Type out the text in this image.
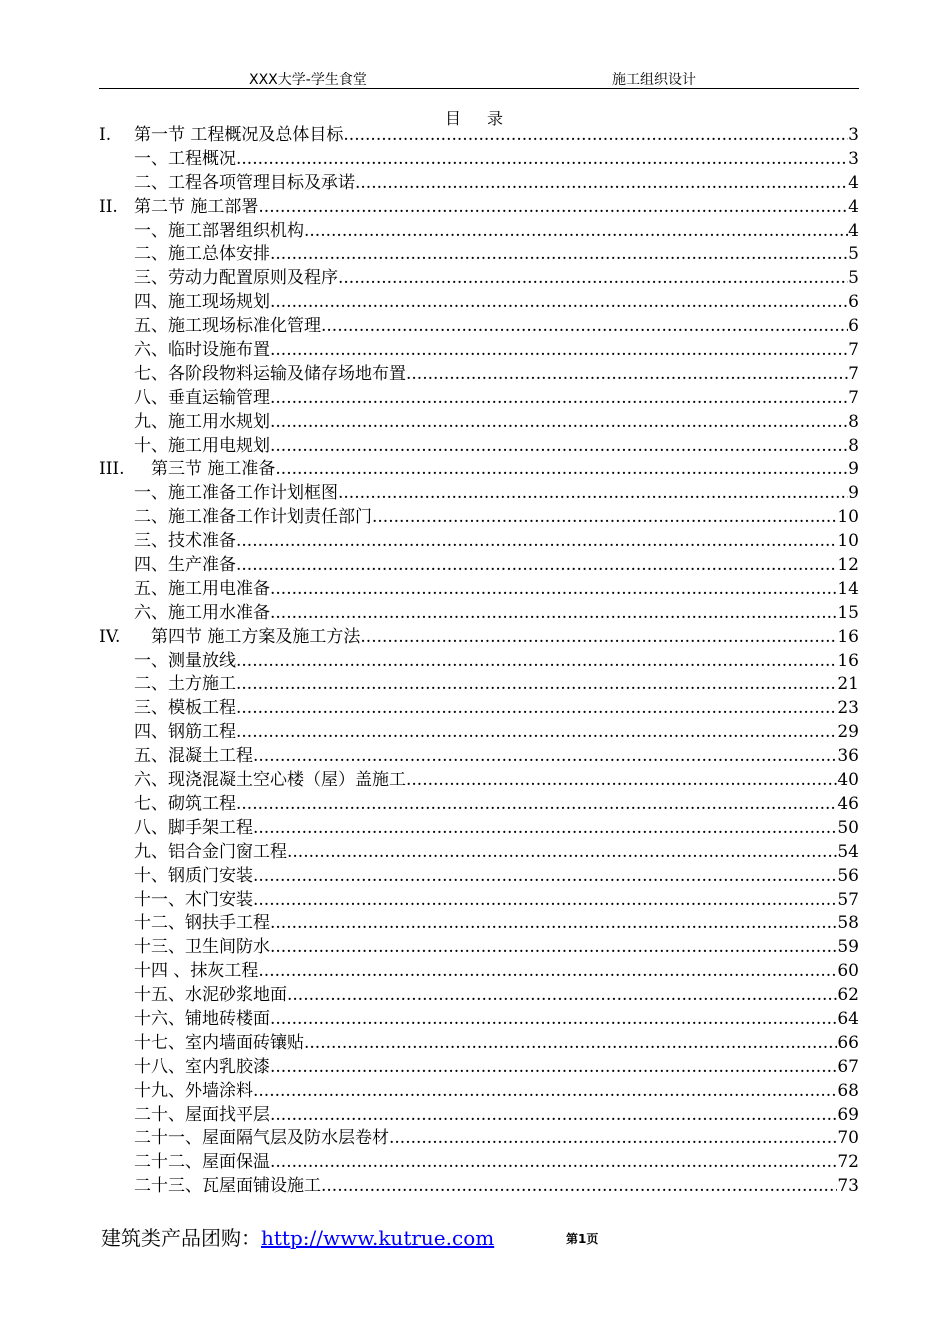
XXX大学-学生食堂	施工组织设计
目 录
I. 第一节 工程概况及总体目标 .....	3
一、工程概况 .....	3
二、工程各项管理目标及承诺 .....	4
II. 第二节 施工部署 .....	4
一、施工部署组织机构 .....	4
二、施工总体安排 .....	5
三、劳动力配置原则及程序 .....	5
四、施工现场规划 .....	6
五、施工现场标准化管理 .....	6
六、临时设施布置 .....	7
七、各阶段物料运输及储存场地布置 .....	7
八、垂直运输管理 .....	7
九、施工用水规划 .....	8
十、施工用电规划 .....	8
III. 第三节 施工准备 .....	9
一、施工准备工作计划框图 .....	9
二、施工准备工作计划责任部门 .....	10
三、技术准备 .....	10
四、生产准备 .....	12
五、施工用电准备 .....	14
六、施工用水准备 .....	15
IV. 第四节 施工方案及施工方法 .....	16
一、测量放线 .....	16
二、土方施工 .....	21
三、模板工程 .....	23
四、钢筋工程 .....	29
五、混凝土工程 .....	36
六、现浇混凝土空心楼（屋）盖施工 .....	40
七、砌筑工程 .....	46
八、脚手架工程 .....	50
九、铝合金门窗工程 .....	54
十、钢质门安装 .....	56
十一、木门安装 .....	57
十二、钢扶手工程 .....	58
十三、卫生间防水 .....	59
十四 、抹灰工程 .....	60
十五、水泥砂浆地面 .....	62
十六、铺地砖楼面 .....	64
十七、室内墙面砖镶贴 .....	66
十八、室内乳胶漆 .....	67
十九、外墙涂料 .....	68
二十、屋面找平层 .....	69
二十一、屋面隔气层及防水层卷材 .....	70
二十二、屋面保温 .....	72
二十三、瓦屋面铺设施工 .....	73
建筑类产品团购：http://www.kutrue.com	第1页
